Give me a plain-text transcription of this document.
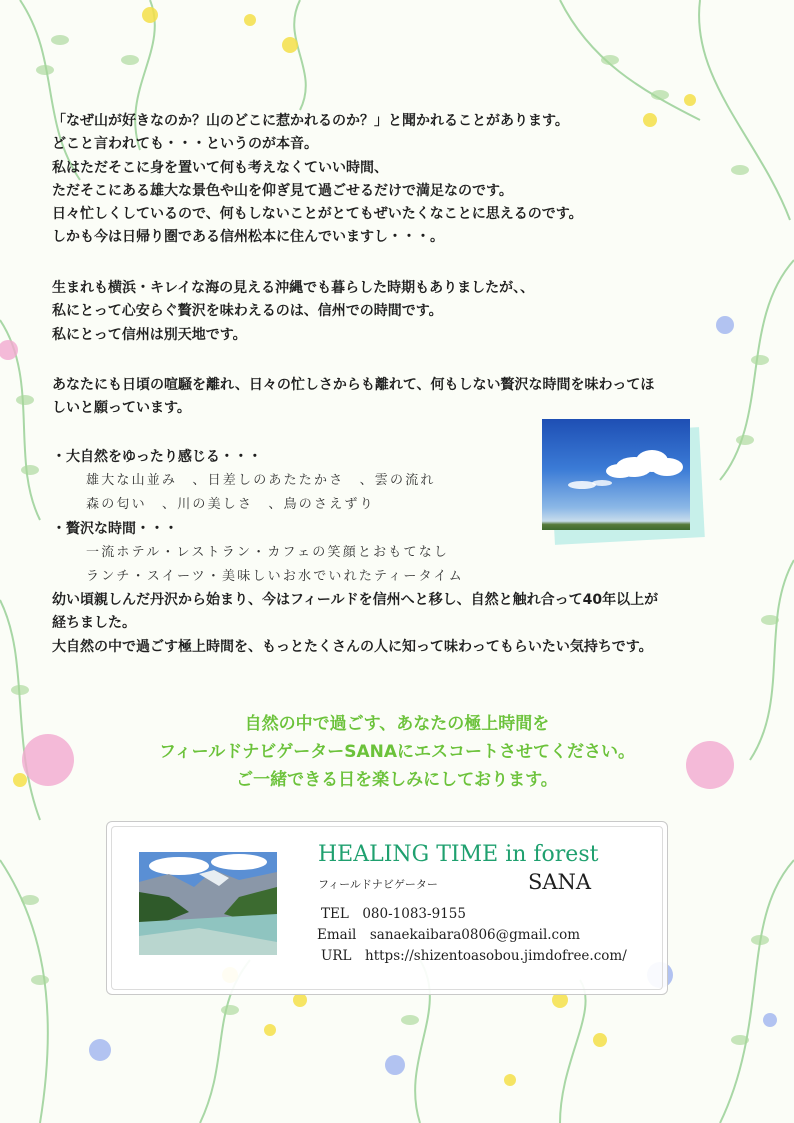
「なぜ山が好きなのか？山のどこに惹かれるのか？」と聞かれることがあります。
どこと言われても・・・というのが本音。
私はただそこに身を置いて何も考えなくていい時間、
ただそこにある雄大な景色や山を仰ぎ見て過ごせるだけで満足なのです。
日々忙しくしているので、何もしないことがとてもぜいたくなことに思えるのです。
しかも今は日帰り圏である信州松本に住んでいますし・・・。
生まれも横浜・キレイな海の見える沖縄でも暮らした時期もありましたが、、
私にとって心安らぐ贅沢を味わえるのは、信州での時間です。
私にとって信州は別天地です。
あなたにも日頃の喧騒を離れ、日々の忙しさからも離れて、何もしない贅沢な時間を味わってほ
しいと願っています。
・大自然をゆったり感じる・・・
雄大な山並み　、日差しのあたたかさ　、雲の流れ
森の匂い　、川の美しさ　、鳥のさえずり
・贅沢な時間・・・
一流ホテル・レストラン・カフェの笑顔とおもてなし
ランチ・スイーツ・美味しいお水でいれたティータイム
幼い頃親しんだ丹沢から始まり、今はフィールドを信州へと移し、自然と触れ合って40年以上が
経ちました。
大自然の中で過ごす極上時間を、もっとたくさんの人に知って味わってもらいたい気持ちです。
自然の中で過ごす、あなたの極上時間を
フィールドナビゲーターSANAにエスコートさせてください。
ご一緒できる日を楽しみにしております。
HEALING TIME in forest
フィールドナビゲーター	SANA
TEL　080-1083-9155
Email　sanaekaibara0806@gmail.com
URL　https://shizentoasobou.jimdofree.com/
